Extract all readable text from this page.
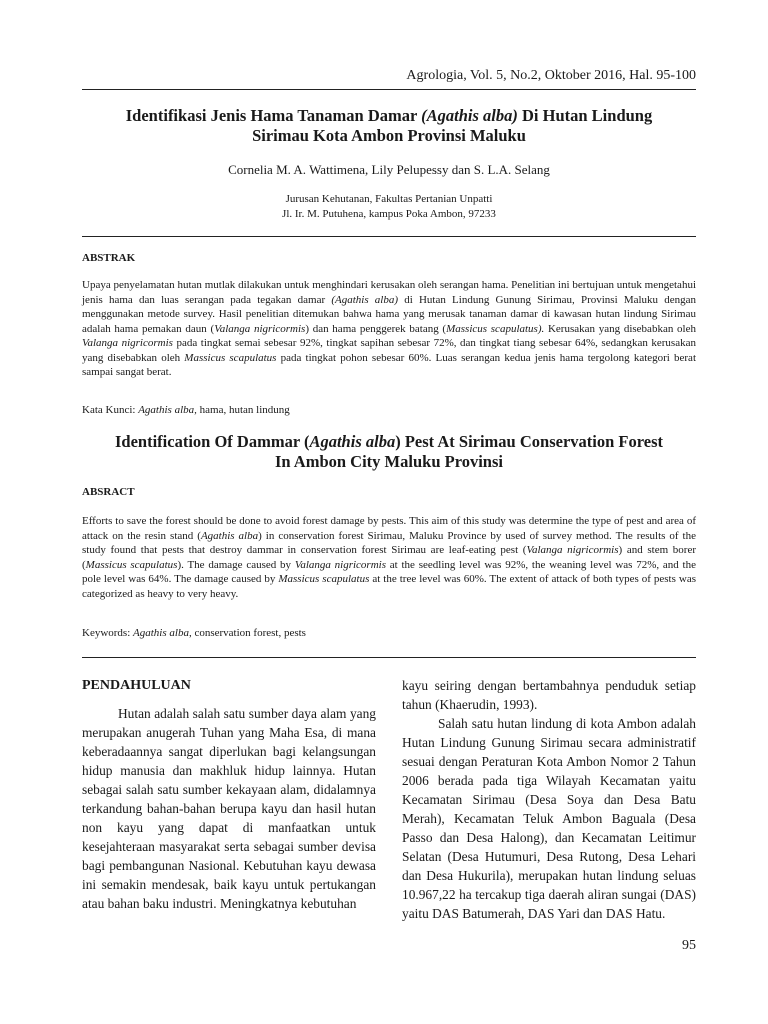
Agrologia, Vol. 5, No.2, Oktober 2016, Hal. 95-100
Identifikasi Jenis Hama Tanaman Damar (Agathis alba) Di Hutan Lindung
Sirimau Kota Ambon Provinsi Maluku
Cornelia M. A. Wattimena, Lily Pelupessy dan S. L.A. Selang
Jurusan Kehutanan, Fakultas Pertanian Unpatti
Jl. Ir. M. Putuhena, kampus Poka Ambon, 97233
ABSTRAK

Upaya penyelamatan hutan mutlak dilakukan untuk menghindari kerusakan oleh serangan hama. Penelitian ini bertujuan untuk mengetahui jenis hama dan luas serangan pada tegakan damar (Agathis alba) di Hutan Lindung Gunung Sirimau, Provinsi Maluku dengan menggunakan metode survey. Hasil penelitian ditemukan bahwa hama yang merusak tanaman damar di kawasan hutan lindung Sirimau adalah hama pemakan daun (Valanga nigricormis) dan hama penggerek batang (Massicus scapulatus). Kerusakan yang disebabkan oleh Valanga nigricormis pada tingkat semai sebesar 92%, tingkat sapihan sebesar 72%, dan tingkat tiang sebesar 64%, sedangkan kerusakan yang disebabkan oleh Massicus scapulatus pada tingkat pohon sebesar 60%. Luas serangan kedua jenis hama tergolong kategori berat sampai sangat berat.

Kata Kunci: Agathis alba, hama, hutan lindung
Identification Of Dammar (Agathis alba) Pest At Sirimau Conservation Forest
In Ambon City Maluku Provinsi
ABSRACT

Efforts to save the forest should be done to avoid forest damage by pests. This aim of this study was determine the type of pest and area of attack on the resin stand (Agathis alba) in conservation forest Sirimau, Maluku Province by used of survey method. The results of the study found that pests that destroy dammar in conservation forest Sirimau are leaf-eating pest (Valanga nigricormis) and stem borer (Massicus scapulatus). The damage caused by Valanga nigricormis at the seedling level was 92%, the weaning level was 72%, and the pole level was 64%. The damage caused by Massicus scapulatus at the tree level was 60%. The extent of attack of both types of pests was categorized as heavy to very heavy.

Keywords: Agathis alba, conservation forest, pests

PENDAHULUAN

Hutan adalah salah satu sumber daya alam yang merupakan anugerah Tuhan yang Maha Esa, di mana keberadaannya sangat diperlukan bagi kelangsungan hidup manusia dan makhluk hidup lainnya. Hutan sebagai salah satu sumber kekayaan alam, didalamnya terkandung bahan-bahan berupa kayu dan hasil hutan non kayu yang dapat di manfaatkan untuk kesejahteraan masyarakat serta sebagai sumber devisa bagi pembangunan Nasional. Kebutuhan kayu dewasa ini semakin mendesak, baik kayu untuk pertukangan atau bahan baku industri. Meningkatnya kebutuhan

kayu seiring dengan bertambahnya penduduk setiap tahun (Khaerudin, 1993).

Salah satu hutan lindung di kota Ambon adalah Hutan Lindung Gunung Sirimau secara administratif sesuai dengan Peraturan Kota Ambon Nomor 2 Tahun 2006 berada pada tiga Wilayah Kecamatan yaitu Kecamatan Sirimau (Desa Soya dan Desa Batu Merah), Kecamatan Teluk Ambon Baguala (Desa Passo dan Desa Halong), dan Kecamatan Leitimur Selatan (Desa Hutumuri, Desa Rutong, Desa Lehari dan Desa Hukurila), merupakan hutan lindung seluas 10.967,22 ha tercakup tiga daerah aliran sungai (DAS) yaitu DAS Batumerah, DAS Yari dan DAS Hatu.

95
